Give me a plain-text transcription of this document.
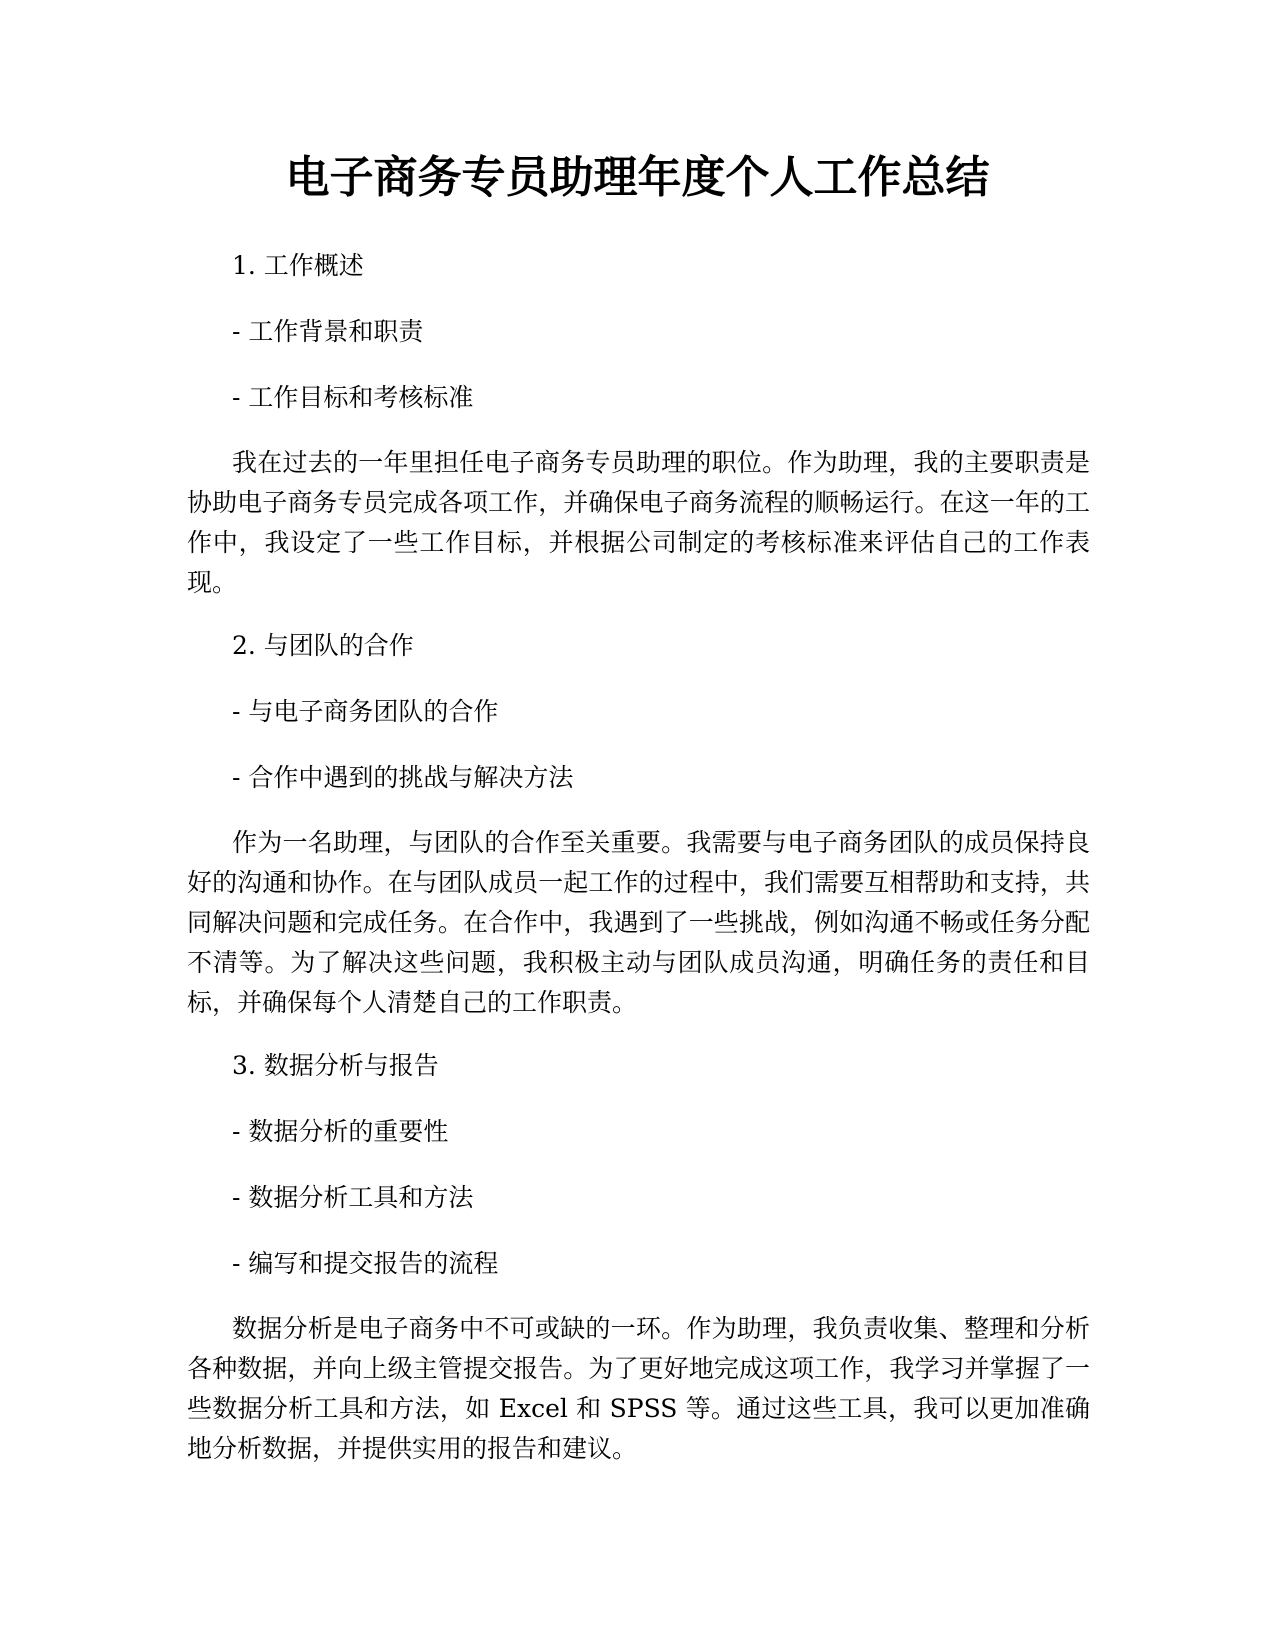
电子商务专员助理年度个人工作总结
1. 工作概述
- 工作背景和职责
- 工作目标和考核标准

我在过去的一年里担任电子商务专员助理的职位。作为助理，我的主要职责是协助电子商务专员完成各项工作，并确保电子商务流程的顺畅运行。在这一年的工作中，我设定了一些工作目标，并根据公司制定的考核标准来评估自己的工作表现。

2. 与团队的合作
- 与电子商务团队的合作
- 合作中遇到的挑战与解决方法

作为一名助理，与团队的合作至关重要。我需要与电子商务团队的成员保持良好的沟通和协作。在与团队成员一起工作的过程中，我们需要互相帮助和支持，共同解决问题和完成任务。在合作中，我遇到了一些挑战，例如沟通不畅或任务分配不清等。为了解决这些问题，我积极主动与团队成员沟通，明确任务的责任和目标，并确保每个人清楚自己的工作职责。

3. 数据分析与报告
- 数据分析的重要性
- 数据分析工具和方法
- 编写和提交报告的流程

数据分析是电子商务中不可或缺的一环。作为助理，我负责收集、整理和分析各种数据，并向上级主管提交报告。为了更好地完成这项工作，我学习并掌握了一些数据分析工具和方法，如 Excel 和 SPSS 等。通过这些工具，我可以更加准确地分析数据，并提供实用的报告和建议。
